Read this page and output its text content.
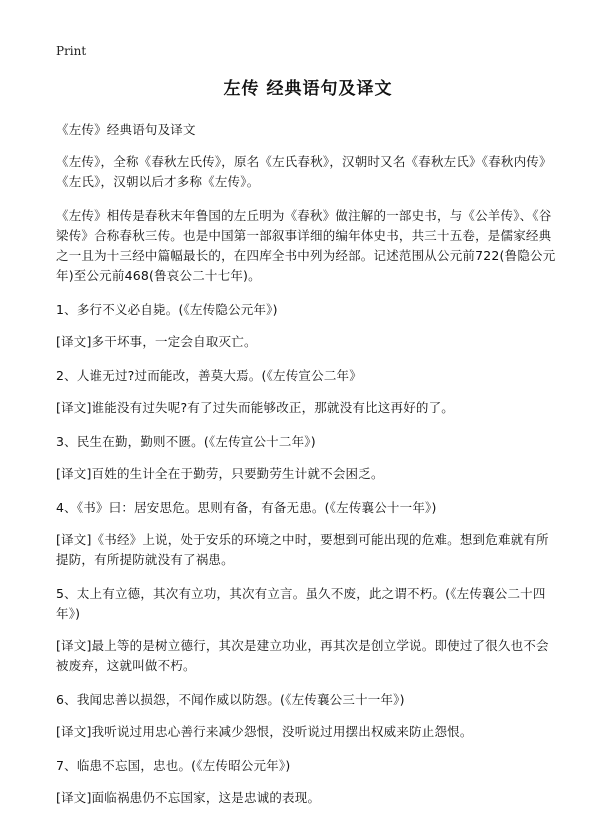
Print
左传 经典语句及译文
《左传》经典语句及译文
《左传》，全称《春秋左氏传》，原名《左氏春秋》，汉朝时又名《春秋左氏》《春秋内传》《左氏》，汉朝以后才多称《左传》。
《左传》相传是春秋末年鲁国的左丘明为《春秋》做注解的一部史书，与《公羊传》、《谷梁传》合称春秋三传。也是中国第一部叙事详细的编年体史书，共三十五卷，是儒家经典之一且为十三经中篇幅最长的，在四库全书中列为经部。记述范围从公元前722(鲁隐公元年)至公元前468(鲁哀公二十七年)。
1、多行不义必自毙。(《左传隐公元年》)
[译文]多干坏事，一定会自取灭亡。
2、人谁无过?过而能改，善莫大焉。(《左传宣公二年》
[译文]谁能没有过失呢?有了过失而能够改正，那就没有比这再好的了。
3、民生在勤，勤则不匮。(《左传宣公十二年》)
[译文]百姓的生计全在于勤劳，只要勤劳生计就不会困乏。
4、《书》曰：居安思危。思则有备，有备无患。(《左传襄公十一年》)
[译文]《书经》上说，处于安乐的环境之中时，要想到可能出现的危难。想到危难就有所提防，有所提防就没有了祸患。
5、太上有立德，其次有立功，其次有立言。虽久不废，此之谓不朽。(《左传襄公二十四年》)
[译文]最上等的是树立德行，其次是建立功业，再其次是创立学说。即使过了很久也不会被废弃，这就叫做不朽。
6、我闻忠善以损怨，不闻作威以防怨。(《左传襄公三十一年》)
[译文]我听说过用忠心善行来减少怨恨，没听说过用摆出权威来防止怨恨。
7、临患不忘国，忠也。(《左传昭公元年》)
[译文]面临祸患仍不忘国家，这是忠诚的表现。
